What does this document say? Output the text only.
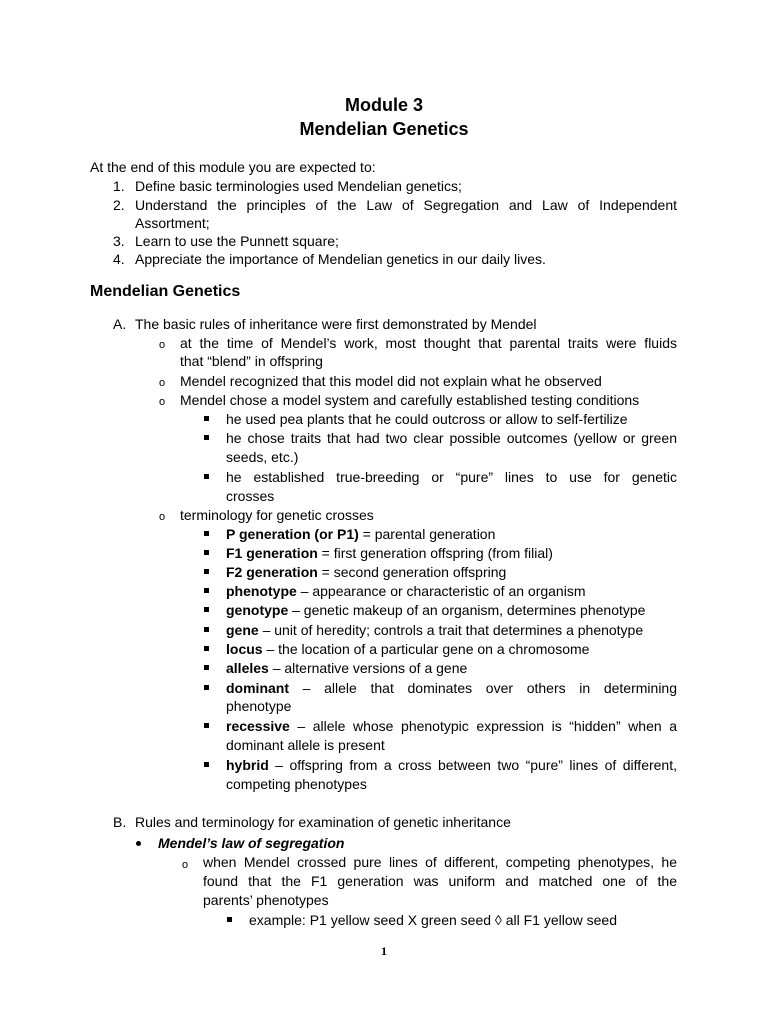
Module 3
Mendelian Genetics
At the end of this module you are expected to:
1. Define basic terminologies used Mendelian genetics;
2. Understand the principles of the Law of Segregation and Law of Independent
Assortment;
3. Learn to use the Punnett square;
4. Appreciate the importance of Mendelian genetics in our daily lives.
Mendelian Genetics
A. The basic rules of inheritance were first demonstrated by Mendel
o at the time of Mendel’s work, most thought that parental traits were fluids
that “blend” in offspring
o Mendel recognized that this model did not explain what he observed
o Mendel chose a model system and carefully established testing conditions
he used pea plants that he could outcross or allow to self-fertilize
he chose traits that had two clear possible outcomes (yellow or green
seeds, etc.)
he established true-breeding or “pure” lines to use for genetic
crosses
o terminology for genetic crosses
P generation (or P1) = parental generation
F1 generation = first generation offspring (from filial)
F2 generation = second generation offspring
phenotype – appearance or characteristic of an organism
genotype – genetic makeup of an organism, determines phenotype
gene – unit of heredity; controls a trait that determines a phenotype
locus – the location of a particular gene on a chromosome
alleles – alternative versions of a gene
dominant – allele that dominates over others in determining
phenotype
recessive – allele whose phenotypic expression is “hidden” when a
dominant allele is present
hybrid – offspring from a cross between two “pure” lines of different,
competing phenotypes
B. Rules and terminology for examination of genetic inheritance
Mendel’s law of segregation
o when Mendel crossed pure lines of different, competing phenotypes, he
found that the F1 generation was uniform and matched one of the
parents’ phenotypes
example: P1 yellow seed X green seed ◊ all F1 yellow seed
1
